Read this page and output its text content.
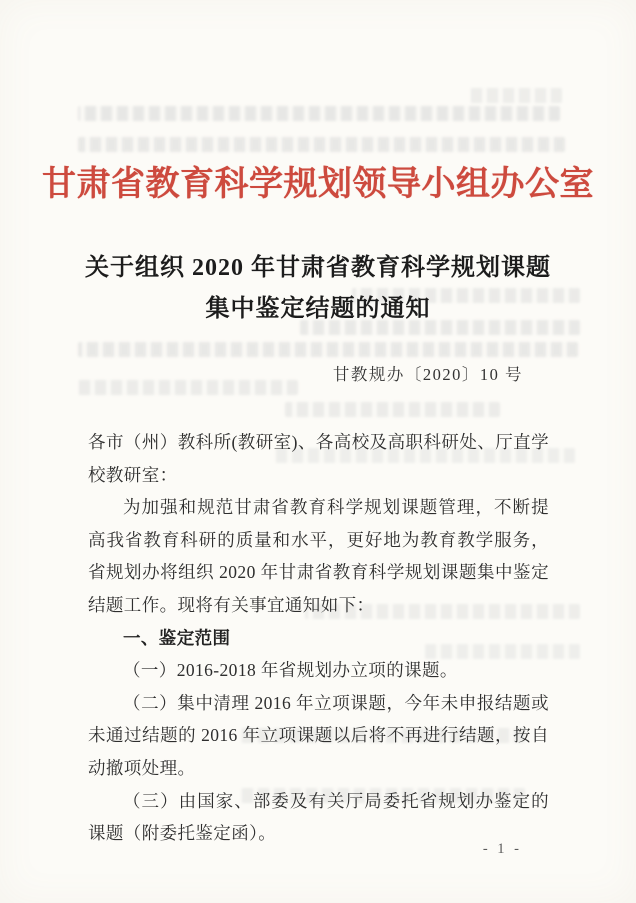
甘肃省教育科学规划领导小组办公室
关于组织 2020 年甘肃省教育科学规划课题
集中鉴定结题的通知
甘教规办〔2020〕10 号

各市（州）教科所(教研室)、各高校及高职科研处、厅直学校教研室：

为加强和规范甘肃省教育科学规划课题管理，不断提高我省教育科研的质量和水平，更好地为教育教学服务，省规划办将组织 2020 年甘肃省教育科学规划课题集中鉴定结题工作。现将有关事宜通知如下：

一、鉴定范围

（一）2016-2018 年省规划办立项的课题。

（二）集中清理 2016 年立项课题，今年未申报结题或未通过结题的 2016 年立项课题以后将不再进行结题，按自动撤项处理。

（三）由国家、部委及有关厅局委托省规划办鉴定的课题（附委托鉴定函）。

- 1 -
